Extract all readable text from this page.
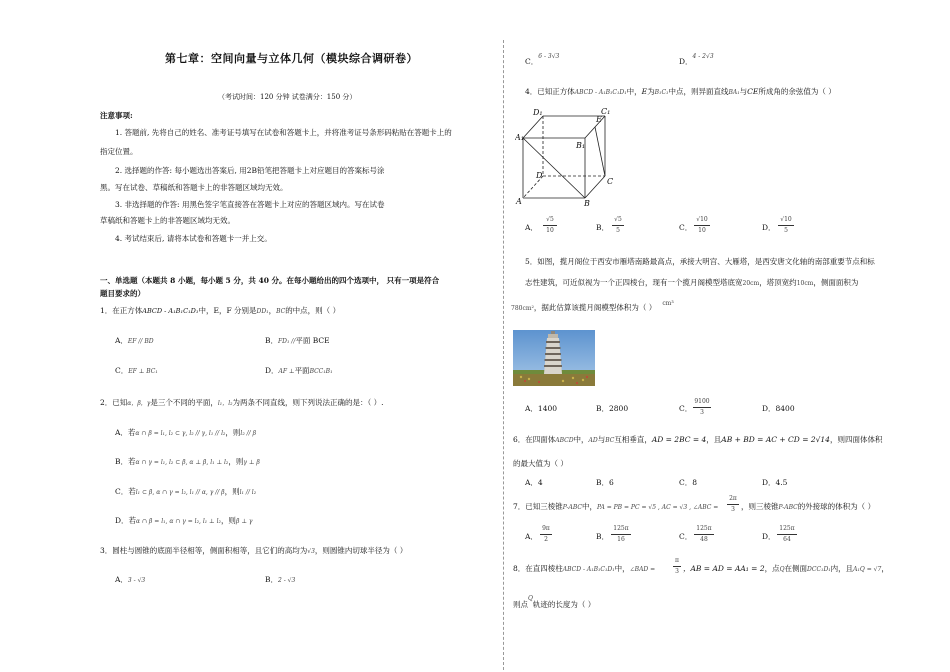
第七章：空间向量与立体几何（模块综合调研卷）
（考试时间：120 分钟 试卷满分：150 分）
注意事项:
1. 答题前, 先将自己的姓名、准考证号填写在试卷和答题卡上，并将准考证号条形码粘贴在答题卡上的
指定位置。
2. 选择题的作答: 每小题选出答案后, 用2B铅笔把答题卡上对应题目的答案标号涂
黑。写在试卷、草稿纸和答题卡上的非答题区域均无效。
3. 非选择题的作答: 用黑色签字笔直接答在答题卡上对应的答题区域内。写在试卷
草稿纸和答题卡上的非答题区域均无效。
4. 考试结束后, 请将本试卷和答题卡一并上交。
一、单选题（本题共 8 小题，每小题 5 分，共 40 分。在每小题给出的四个选项中， 只有一项是符合
题目要求的）
1．在正方体ABCD - A₁B₁C₁D₁中，E，F 分别是DD₁，BC的中点，则（ ）
A．EF // BD	B．FD₁ //平面 BCE
C．EF ⊥ BC₁	D．AF ⊥平面BCC₁B₁
2．已知α，β，γ是三个不同的平面，l₁，l₂为两条不同直线，则下列说法正确的是：（ ）.
A．若α ∩ β = l₁, l₂ ⊂ γ, l₂ // γ, l₁ // l₂，则l₂ // β
B．若α ∩ γ = l₁, l₂ ⊂ β, α ⊥ β, l₁ ⊥ l₂，则γ ⊥ β
C．若l₁ ⊂ β, α ∩ γ = l₂, l₁ // α, γ // β，则l₁ // l₂
D．若α ∩ β = l₁, α ∩ γ = l₂, l₁ ⊥ l₂，则β ⊥ γ
3．圆柱与圆锥的底面半径相等，侧面积相等，且它们的高均为√3，则圆锥内切球半径为（ ）
A．3 - √3	B．2 - √3
C．$^{6 - 3√3}$
D．$^{4 - 2√3}$
4．已知正方体ABCD - A₁B₁C₁D₁中，E为B₁C₁中点，则异面直线BA₁与CE所成角的余弦值为（ ）
A₁
D₁	C₁
B₁
E
D
C
A	B
A．
√5
10	B．
√5
5	C．
√10
10	D．
√10
5
5．如图，揽月阁位于西安市雁塔南路最高点，承接大明宫、大雁塔，是西安唐文化轴的南部重要节点和标
志性建筑，可近似视为一个正四棱台，现有一个揽月阁模型塔底宽20cm，塔顶宽约10cm，侧面面积为
780cm²，据此估算该揽月阁模型体积为（ ） $^{cm^3}$
A．1400	B．2800	C．
9100
3	D．8400
6．在四面体ABCD中，AD与BC互相垂直，AD = 2BC = 4，且AB + BD = AC + CD = 2√14，则四面体体积
的最大值为（ ）
A．4	B．6	C．8	D．4.5
7．已知三棱锥P-ABC中，PA = PB = PC = √5 , AC = √3 , ∠ABC =
2π
3 ，则三棱锥P-ABC的外接球的体积为（ ）
A．
9π
2	B．
125π
16	C．
125π
48	D．
125π
64
8．在直四棱柱ABCD - A₁B₁C₁D₁中，∠BAD =
π
3 ，AB = AD = AA₁ = 2，点Q在侧面DCC₁D₁内，且A₁Q = √7，
则点$^Q$轨迹的长度为（ ）
